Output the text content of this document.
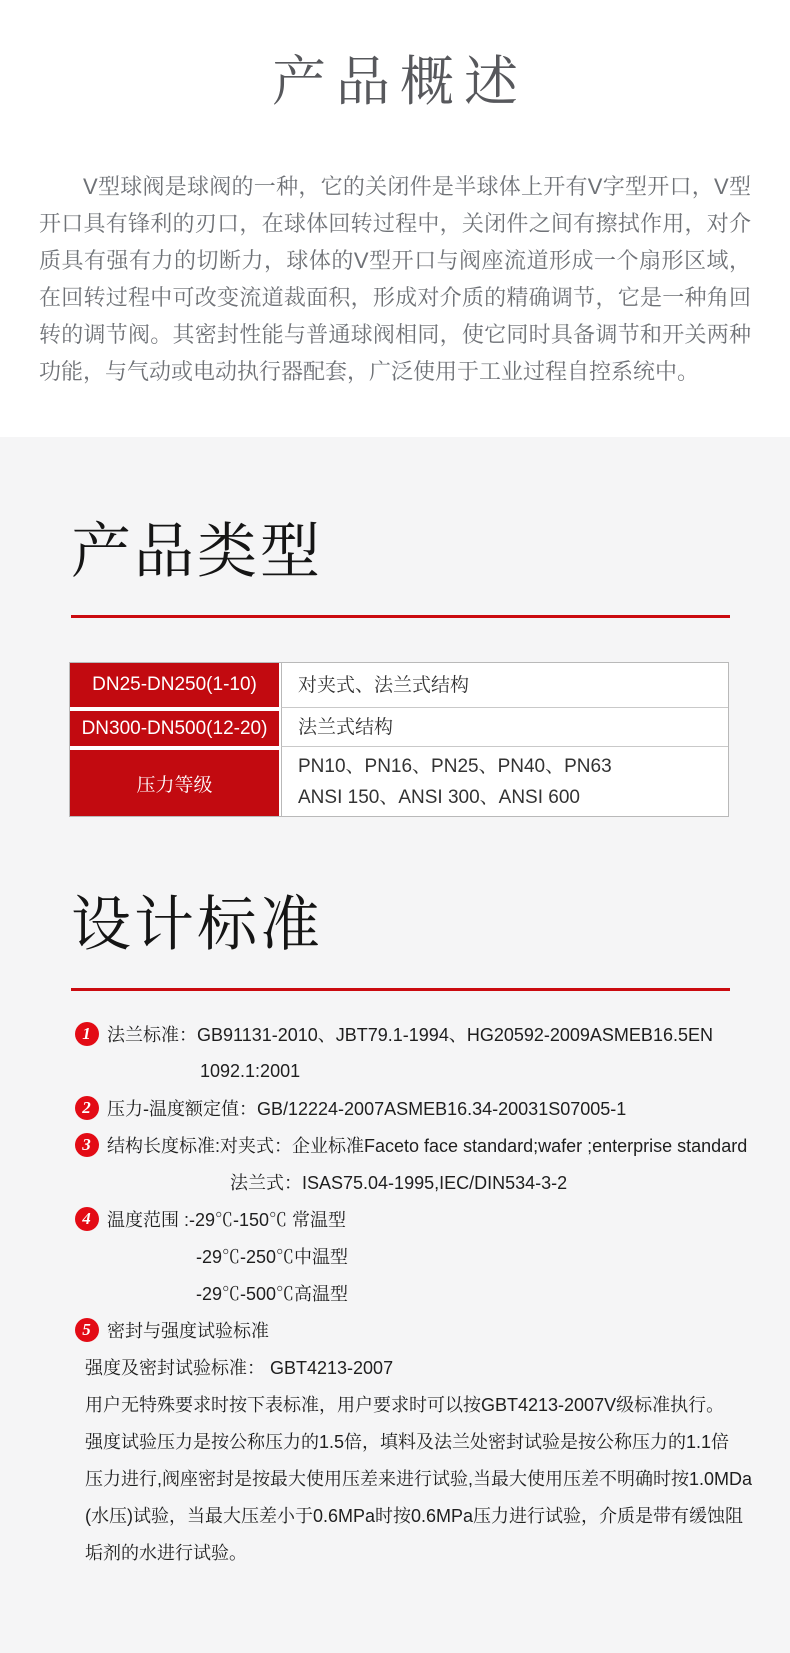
产品概述

V型球阀是球阀的一种，它的关闭件是半球体上开有V字型开口，V型开口具有锋利的刃口，在球体回转过程中，关闭件之间有擦拭作用，对介质具有强有力的切断力，球体的V型开口与阀座流道形成一个扇形区域，在回转过程中可改变流道裁面积，形成对介质的精确调节，它是一种角回转的调节阀。其密封性能与普通球阀相同，使它同时具备调节和开关两种功能，与气动或电动执行器配套，广泛使用于工业过程自控系统中。

产品类型
DN25-DN250(1-10)	对夹式、法兰式结构
DN300-DN500(12-20)	法兰式结构
压力等级
PN10、PN16、PN25、PN40、PN63
ANSI 150、ANSI 300、ANSI 600
设计标准
1 法兰标准：GB91131-2010、JBT79.1-1994、HG20592-2009ASMEB16.5EN
1092.1:2001
2 压力-温度额定值：GB/12224-2007ASMEB16.34-20031S07005-1
3 结构长度标准:对夹式：企业标准Faceto face standard;wafer ;enterprise standard
法兰式：ISAS75.04-1995,IEC/DIN534-3-2
4 温度范围 :-29℃-150℃ 常温型
-29℃-250℃中温型
-29℃-500℃高温型
5 密封与强度试验标准
强度及密封试验标准： GBT4213-2007
用户无特殊要求时按下表标准，用户要求时可以按GBT4213-2007V级标准执行。
强度试验压力是按公称压力的1.5倍，填料及法兰处密封试验是按公称压力的1.1倍
压力进行,阀座密封是按最大使用压差来进行试验,当最大使用压差不明确时按1.0MDa
(水压)试验，当最大压差小于0.6MPa时按0.6MPa压力进行试验，介质是带有缓蚀阻
垢剂的水进行试验。
